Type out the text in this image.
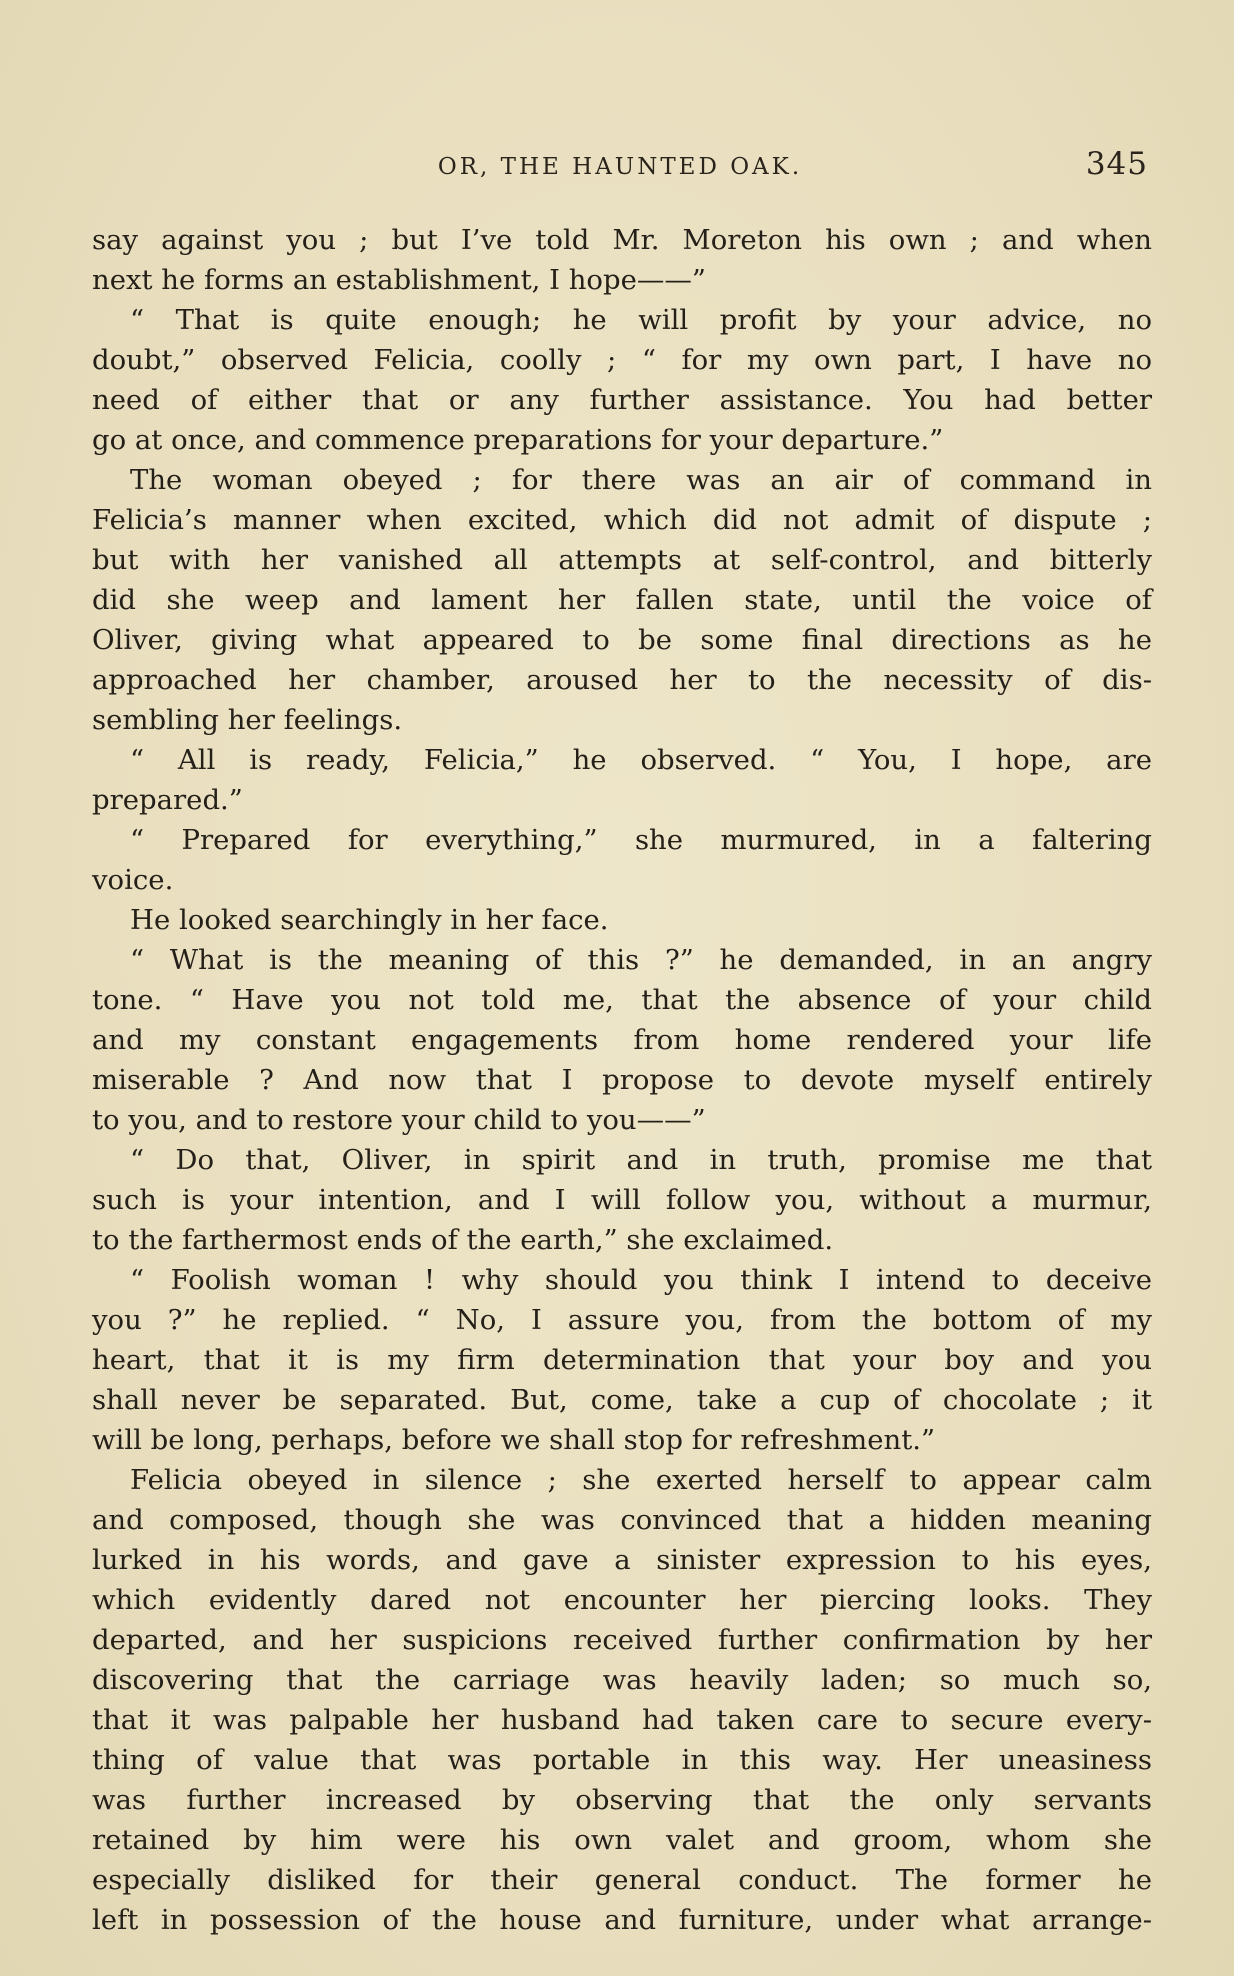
OR, THE HAUNTED OAK.	345
say against you ; but I’ve told Mr. Moreton his own ; and when
next he forms an establishment, I hope——”
“ That is quite enough; he will profit by your advice, no
doubt,” observed Felicia, coolly ; “ for my own part, I have no
need of either that or any further assistance. You had better
go at once, and commence preparations for your departure.”
The woman obeyed ; for there was an air of command in
Felicia’s manner when excited, which did not admit of dispute ;
but with her vanished all attempts at self-control, and bitterly
did she weep and lament her fallen state, until the voice of
Oliver, giving what appeared to be some final directions as he
approached her chamber, aroused her to the necessity of dis-
sembling her feelings.
“ All is ready, Felicia,” he observed. “ You, I hope, are
prepared.”
“ Prepared for everything,” she murmured, in a faltering
voice.
He looked searchingly in her face.
“ What is the meaning of this ?” he demanded, in an angry
tone. “ Have you not told me, that the absence of your child
and my constant engagements from home rendered your life
miserable ? And now that I propose to devote myself entirely
to you, and to restore your child to you——”
“ Do that, Oliver, in spirit and in truth, promise me that
such is your intention, and I will follow you, without a murmur,
to the farthermost ends of the earth,” she exclaimed.
“ Foolish woman ! why should you think I intend to deceive
you ?” he replied. “ No, I assure you, from the bottom of my
heart, that it is my firm determination that your boy and you
shall never be separated. But, come, take a cup of chocolate ; it
will be long, perhaps, before we shall stop for refreshment.”
Felicia obeyed in silence ; she exerted herself to appear calm
and composed, though she was convinced that a hidden meaning
lurked in his words, and gave a sinister expression to his eyes,
which evidently dared not encounter her piercing looks. They
departed, and her suspicions received further confirmation by her
discovering that the carriage was heavily laden; so much so,
that it was palpable her husband had taken care to secure every-
thing of value that was portable in this way. Her uneasiness
was further increased by observing that the only servants
retained by him were his own valet and groom, whom she
especially disliked for their general conduct. The former he
left in possession of the house and furniture, under what arrange-
